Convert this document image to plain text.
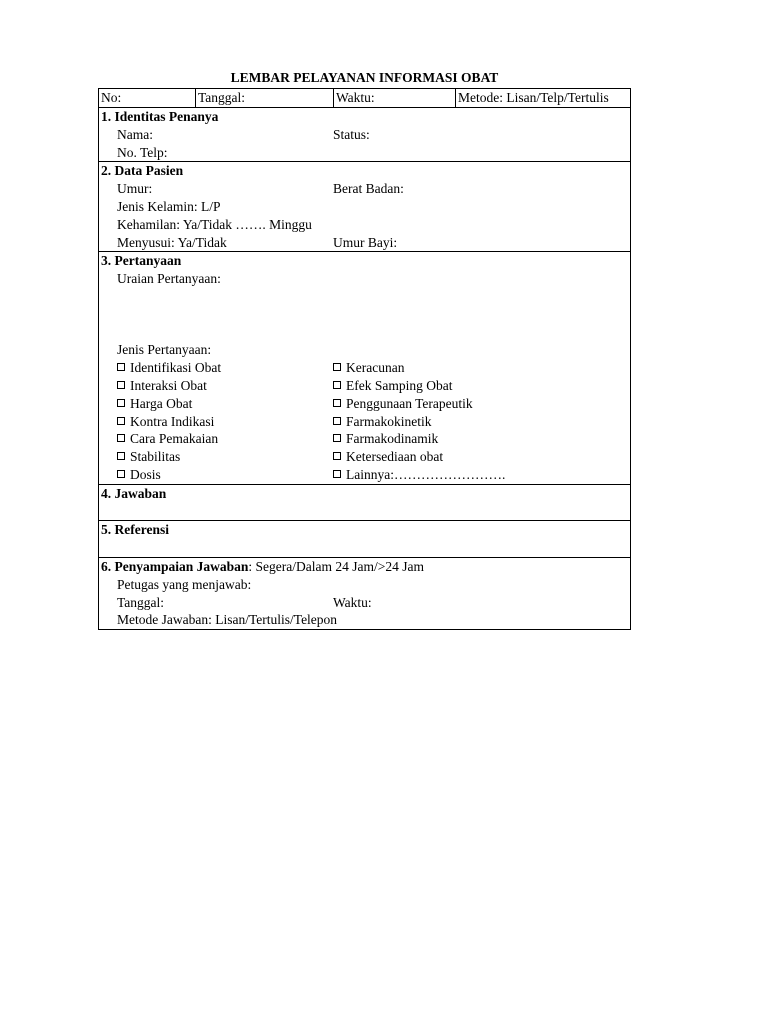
LEMBAR PELAYANAN INFORMASI OBAT
No:	Tanggal:	Waktu:	Metode: Lisan/Telp/Tertulis
1. Identitas Penanya
Nama:	Status:
No. Telp:
2. Data Pasien
Umur:	Berat Badan:
Jenis Kelamin: L/P
Kehamilan: Ya/Tidak ……. Minggu
Menyusui: Ya/Tidak	Umur Bayi:
3. Pertanyaan
Uraian Pertanyaan:
Jenis Pertanyaan:
Identifikasi Obat	Keracunan
Interaksi Obat	Efek Samping Obat
Harga Obat	Penggunaan Terapeutik
Kontra Indikasi	Farmakokinetik
Cara Pemakaian	Farmakodinamik
Stabilitas	Ketersediaan obat
Dosis	Lainnya:…………………….
4. Jawaban
5. Referensi
6. Penyampaian Jawaban : Segera/Dalam 24 Jam/>24 Jam
Petugas yang menjawab:
Tanggal:	Waktu:
Metode Jawaban: Lisan/Tertulis/Telepon
